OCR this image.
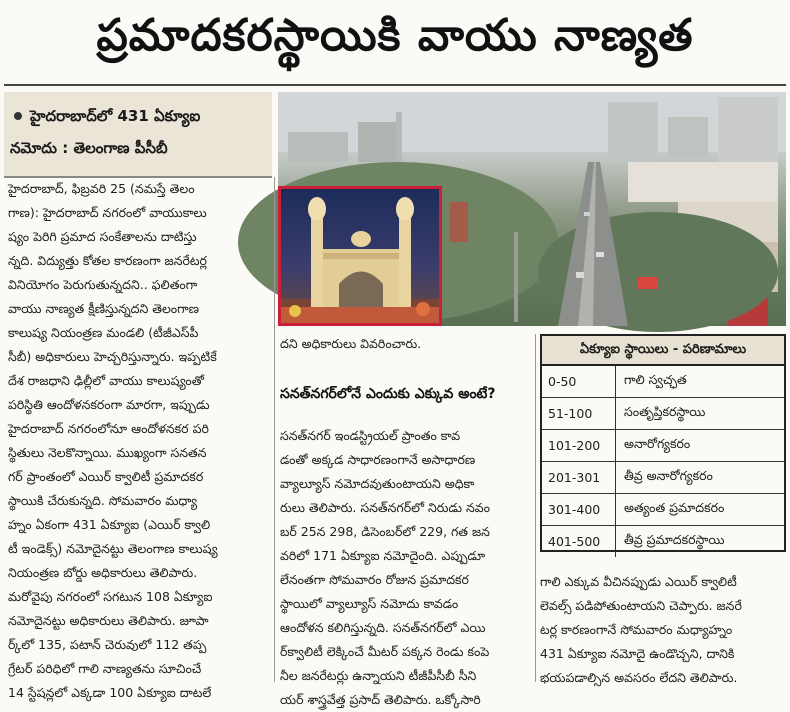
ప్రమాదకరస్థాయికి వాయు నాణ్యత
హైదరాబాద్‌లో 431 ఏక్యూఐ
నమోదు : తెలంగాణ పీసీబీ
హైదరాబాద్, ఫిబ్రవరి 25 (నమస్తే తెలం
గాణ): హైదరాబాద్ నగరంలో వాయుకాలు
ష్యం పెరిగి ప్రమాద సంకేతాలను దాటిస్తు
న్నది. విద్యుత్తు కోతల కారణంగా జనరేటర్ల
వినియోగం పెరుగుతున్నదని.. ఫలితంగా
వాయు నాణ్యత క్షీణిస్తున్నదని తెలంగాణ
కాలుష్య నియంత్రణ మండలి (టీజీఎస్‌పీ
సీబీ) అధికారులు హెచ్చరిస్తున్నారు. ఇప్పటికే
దేశ రాజధాని ఢిల్లీలో వాయు కాలుష్యంతో
పరిస్థితి ఆందోళనకరంగా మారగా, ఇప్పుడు
హైదరాబాద్ నగరంలోనూ ఆందోళనకర పరి
స్థితులు నెలకొన్నాయి. ముఖ్యంగా సనతన
గర్ ప్రాంతంలో ఎయిర్ క్వాలిటీ ప్రమాదకర
స్థాయికి చేరుకున్నది. సోమవారం మధ్యా
హ్నం ఏకంగా 431 ఏక్యూఐ (ఎయిర్ క్వాలి
టీ ఇండెక్స్) నమోదైనట్టు తెలంగాణ కాలుష్య
నియంత్రణ బోర్డు అధికారులు తెలిపారు.
మరోవైపు నగరంలో సగటున 108 ఏక్యూఐ
నమోదైనట్టు అధికారులు తెలిపారు. జూపా
ర్క్‌లో 135, పటాన్ చెరువులో 112 తప్ప
గ్రేటర్ పరిధిలో గాలి నాణ్యతను సూచించే
14 స్టేషన్లలో ఎక్కడా 100 ఏక్యూఐ దాటలే
దని అధికారులు వివరించారు.
సనత్‌నగర్‌లోనే ఎందుకు ఎక్కువ అంటే?
సనత్‌నగర్ ఇండస్ట్రియల్ ప్రాంతం కావ
డంతో అక్కడ సాధారణంగానే అసాధారణ
వ్యాల్యూస్ నమోదవుతుంటాయని అధికా
రులు తెలిపారు. సనత్‌నగర్‌లో నిరుడు నవం
బర్ 25న 298, డిసెంబర్‌లో 229, గత జన
వరిలో 171 ఏక్యూఐ నమోదైంది. ఎప్పుడూ
లేనంతగా సోమవారం రోజున ప్రమాదకర
స్థాయిలో వ్యాల్యూస్ నమోదు కావడం
ఆందోళన కలిగిస్తున్నది. సనత్‌నగర్‌లో ఎయి
ర్‌క్వాలిటీ లెక్కించే మీటర్ పక్కన రెండు కంపె
నీల జనరేటర్లు ఉన్నాయని టీజీపీసీబీ సీని
యర్ శాస్త్రవేత్త ప్రసాద్ తెలిపారు. ఒక్కోసారి
ఏక్యూఐ స్థాయిలు - పరిణామాలు
0-50	గాలి స్వచ్ఛత
51-100	సంతృప్తికరస్థాయి
101-200	అనారోగ్యకరం
201-301	తీవ్ర అనారోగ్యకరం
301-400	అత్యంత ప్రమాదకరం
401-500	తీవ్ర ప్రమాదకరస్థాయి
గాలి ఎక్కువ వీచినప్పుడు ఎయిర్ క్వాలిటీ
లెవల్స్ పడిపోతుంటాయని చెప్పారు. జనరే
టర్ల కారణంగానే సోమవారం మధ్యాహ్నం
431 ఏక్యూఐ నమోదై ఉండొచ్చని, దానికి
భయపడాల్సిన అవసరం లేదని తెలిపారు.
